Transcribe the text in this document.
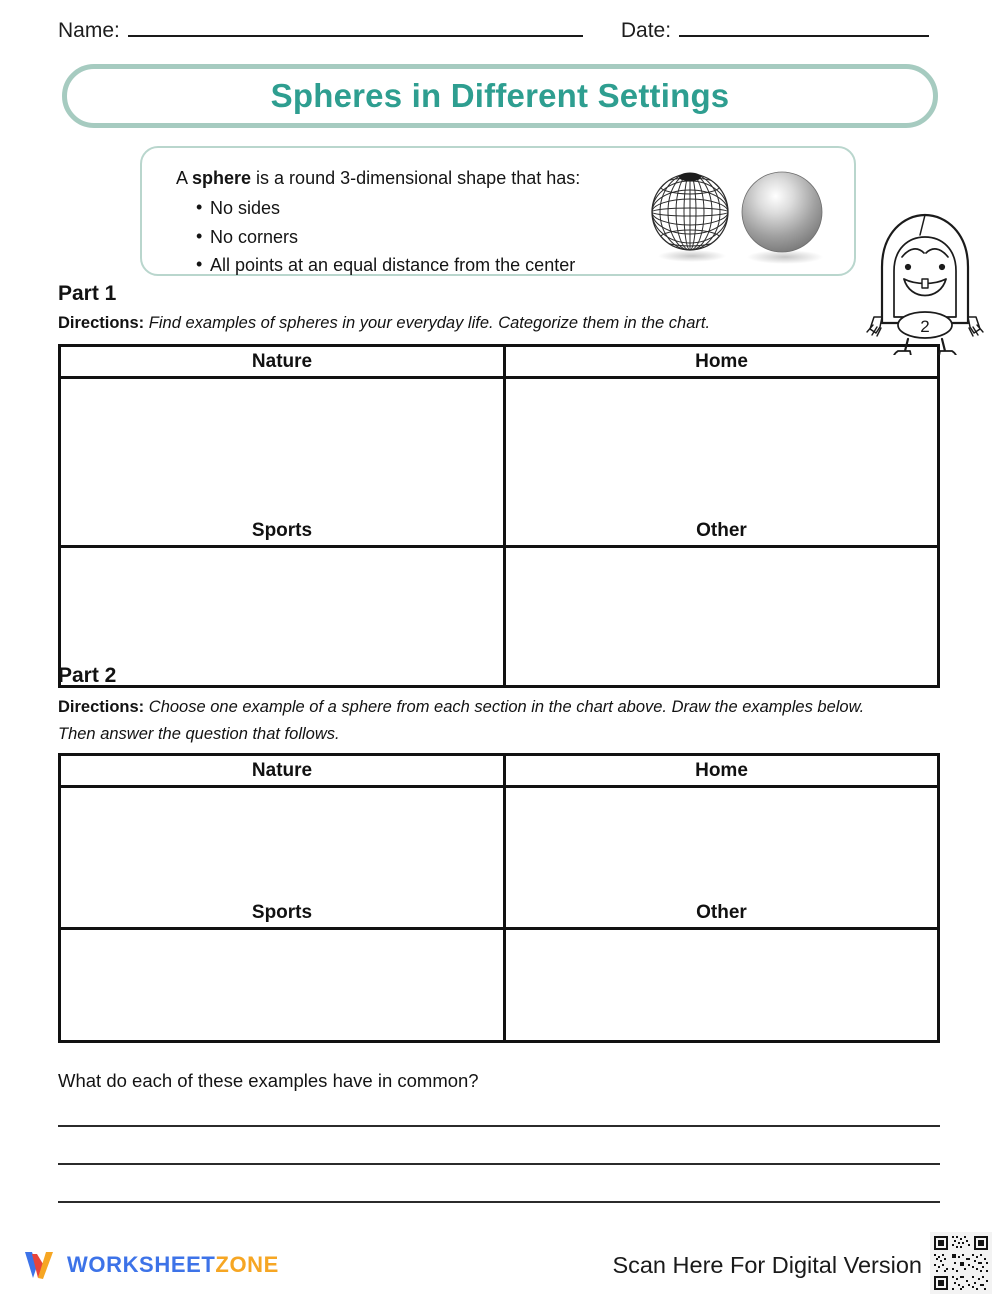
Name:	Date:
Spheres in Different Settings
A sphere is a round 3-dimensional shape that has:
• No sides
• No corners
• All points at an equal distance from the center
2
Part 1
Directions: Find examples of spheres in your everyday life. Categorize them in the chart.
Nature	Home
Sports	Other
Part 2
Directions: Choose one example of a sphere from each section in the chart above. Draw the examples below. Then answer the question that follows.
Nature	Home
Sports	Other
What do each of these examples have in common?
WORKSHEETZONE	Scan Here For Digital Version
